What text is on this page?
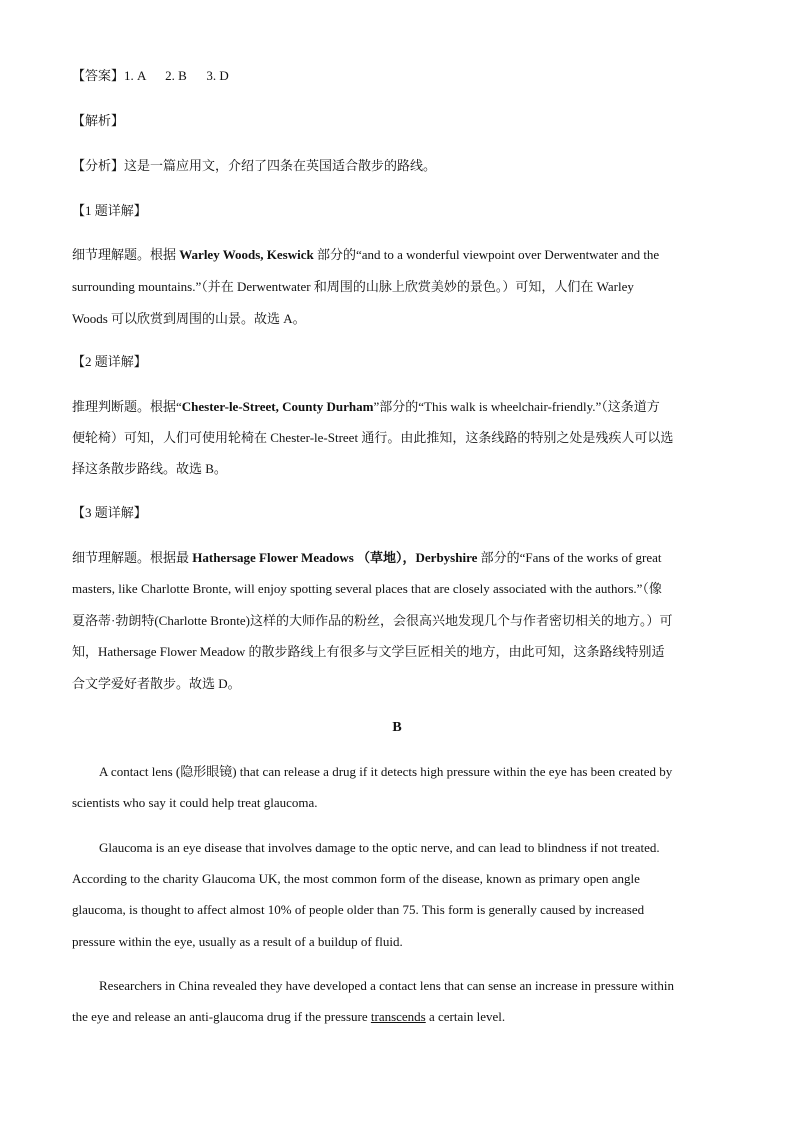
【答案】1. A      2. B      3. D
【解析】
【分析】这是一篇应用文，介绍了四条在英国适合散步的路线。
【1 题详解】
细节理解题。根据 Warley Woods, Keswick 部分的“and to a wonderful viewpoint over Derwentwater and the
surrounding mountains.”（并在 Derwentwater 和周围的山脉上欣赏美妙的景色。）可知，人们在 Warley
Woods 可以欣赏到周围的山景。故选 A。
【2 题详解】
推理判断题。根据“Chester-le-Street, County Durham”部分的“This walk is wheelchair-friendly.”（这条道方
便轮椅）可知，人们可使用轮椅在 Chester-le-Street 通行。由此推知，这条线路的特别之处是残疾人可以选
择这条散步路线。故选 B。
【3 题详解】
细节理解题。根据最 Hathersage Flower Meadows （草地），Derbyshire 部分的“Fans of the works of great
masters, like Charlotte Bronte, will enjoy spotting several places that are closely associated with the authors.”（像
夏洛蒂·勃朗特(Charlotte Bronte)这样的大师作品的粉丝，会很高兴地发现几个与作者密切相关的地方。）可
知，Hathersage Flower Meadow 的散步路线上有很多与文学巨匠相关的地方，由此可知，这条路线特别适
合文学爱好者散步。故选 D。
B
A contact lens (隐形眼镜) that can release a drug if it detects high pressure within the eye has been created by
scientists who say it could help treat glaucoma.
Glaucoma is an eye disease that involves damage to the optic nerve, and can lead to blindness if not treated.
According to the charity Glaucoma UK, the most common form of the disease, known as primary open angle
glaucoma, is thought to affect almost 10% of people older than 75. This form is generally caused by increased
pressure within the eye, usually as a result of a buildup of fluid.
Researchers in China revealed they have developed a contact lens that can sense an increase in pressure within
the eye and release an anti-glaucoma drug if the pressure transcends a certain level.
